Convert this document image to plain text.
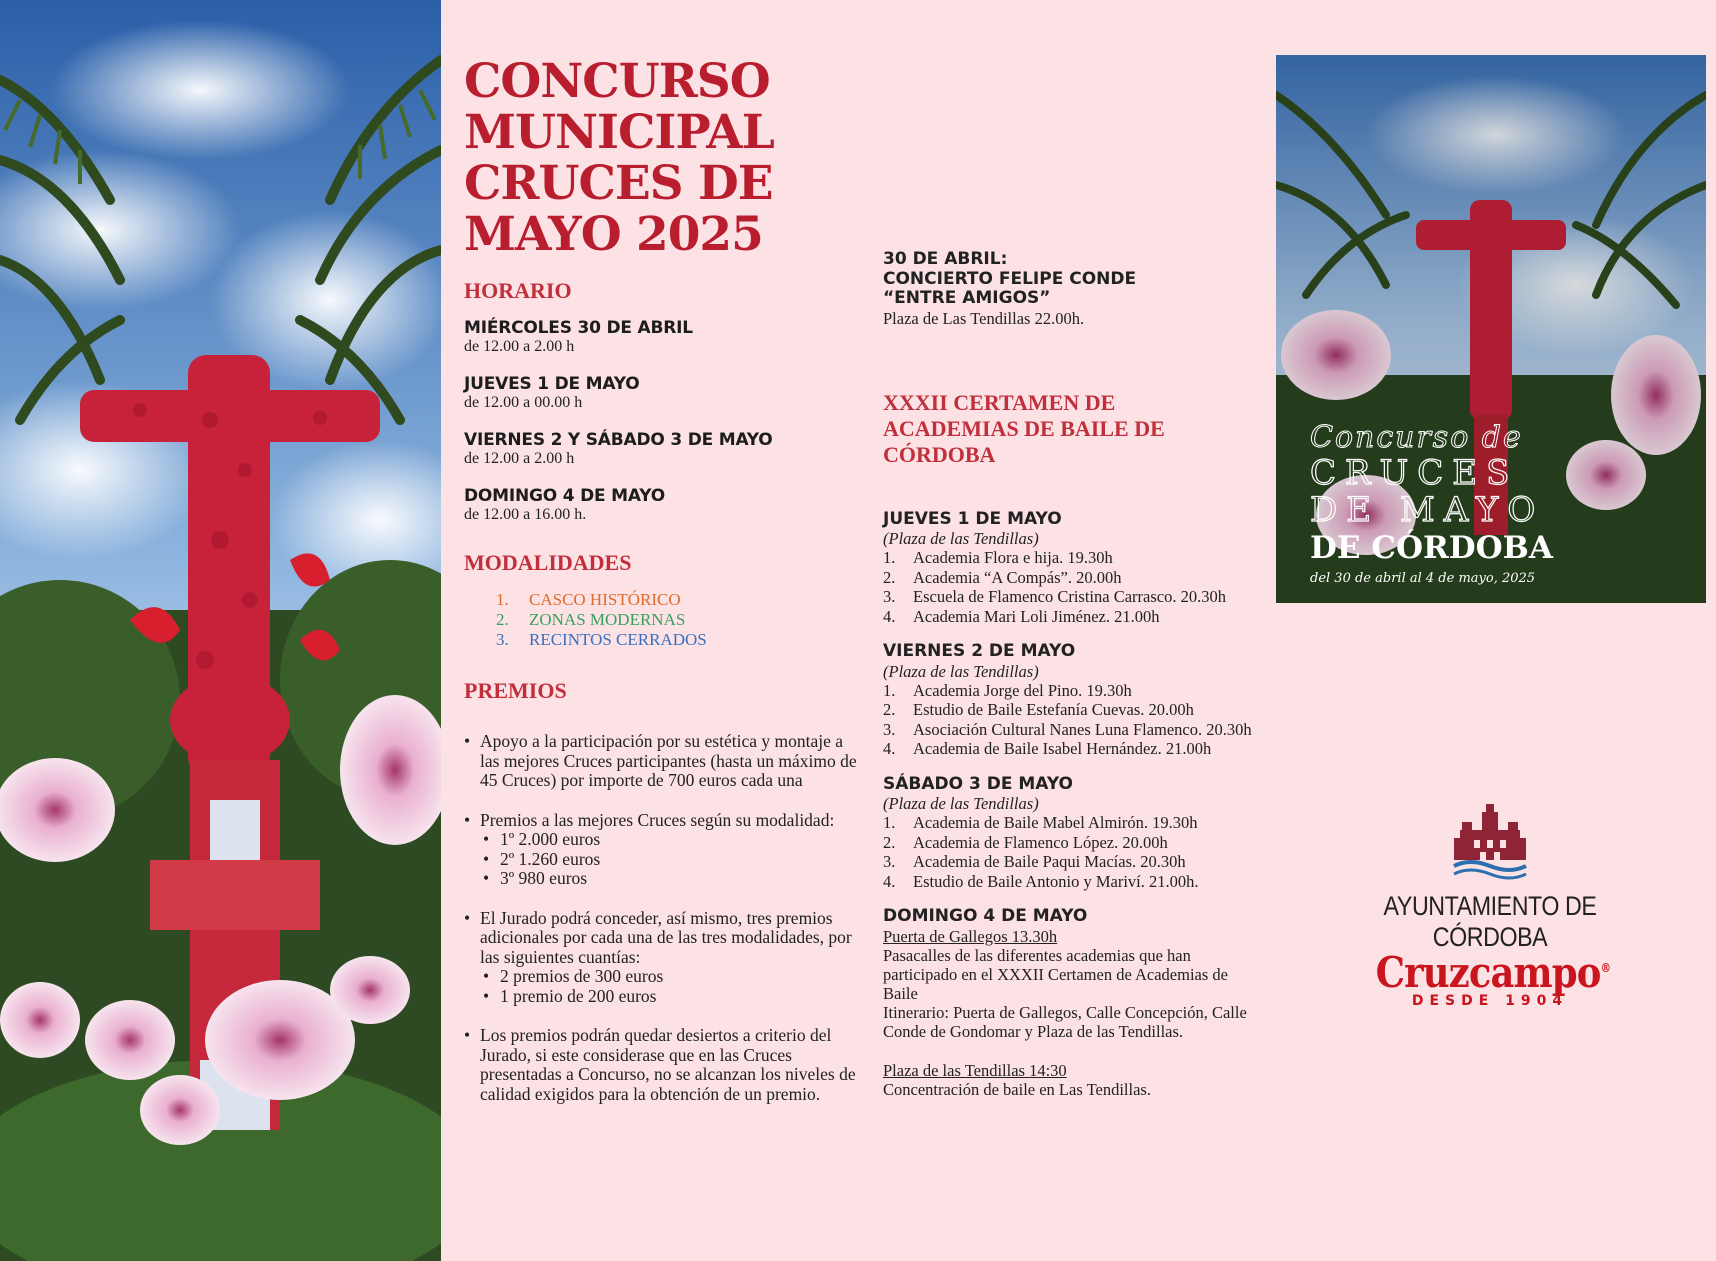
CONCURSO
MUNICIPAL
CRUCES DE
MAYO 2025
HORARIO

MIÉRCOLES 30 DE ABRIL

de 12.00 a 2.00 h

JUEVES 1 DE MAYO

de 12.00 a 00.00 h

VIERNES 2 Y SÁBADO 3 DE MAYO

de 12.00 a 2.00 h

DOMINGO 4 DE MAYO

de 12.00 a 16.00 h.

MODALIDADES
1. CASCO HISTÓRICO
2. ZONAS MODERNAS
3. RECINTOS CERRADOS
PREMIOS
• Apoyo a la participación por su estética y montaje a las mejores Cruces participantes (hasta un máximo de 45 Cruces) por importe de 700 euros cada una
• Premios a las mejores Cruces según su modalidad:
• 1º 2.000 euros
• 2º 1.260 euros
• 3º 980 euros
• El Jurado podrá conceder, así mismo, tres premios adicionales por cada una de las tres modalidades, por las siguientes cuantías:
• 2 premios de 300 euros
• 1 premio de 200 euros
• Los premios podrán quedar desiertos a criterio del Jurado, si este considerase que en las Cruces presentadas a Concurso, no se alcanzan los niveles de calidad exigidos para la obtención de un premio.

30 DE ABRIL:

CONCIERTO FELIPE CONDE

“ENTRE AMIGOS”

Plaza de Las Tendillas 22.00h.

XXXII CERTAMEN DE
ACADEMIAS DE BAILE DE
CÓRDOBA

JUEVES 1 DE MAYO

(Plaza de las Tendillas)

1. Academia Flora e hija. 19.30h
2. Academia “A Compás”. 20.00h
3. Escuela de Flamenco Cristina Carrasco. 20.30h
4. Academia Mari Loli Jiménez. 21.00h

VIERNES 2 DE MAYO

(Plaza de las Tendillas)

1. Academia Jorge del Pino. 19.30h
2. Estudio de Baile Estefanía Cuevas. 20.00h
3. Asociación Cultural Nanes Luna Flamenco. 20.30h
4. Academia de Baile Isabel Hernández. 21.00h

SÁBADO 3 DE MAYO

(Plaza de las Tendillas)

1. Academia de Baile Mabel Almirón. 19.30h
2. Academia de Flamenco López. 20.00h
3. Academia de Baile Paqui Macías. 20.30h
4. Estudio de Baile Antonio y Mariví. 21.00h.

DOMINGO 4 DE MAYO

Puerta de Gallegos 13.30h

Pasacalles de las diferentes academias que han participado en el XXXII Certamen de Academias de Baile

Itinerario: Puerta de Gallegos, Calle Concepción, Calle Conde de Gondomar y Plaza de las Tendillas.

Plaza de las Tendillas 14:30

Concentración de baile en Las Tendillas.

Concurso de
CRUCES
DE MAYO
DE CÓRDOBA
del 30 de abril al 4 de mayo, 2025
AYUNTAMIENTO DE CÓRDOBA
Cruzcampo®
DESDE 1904
